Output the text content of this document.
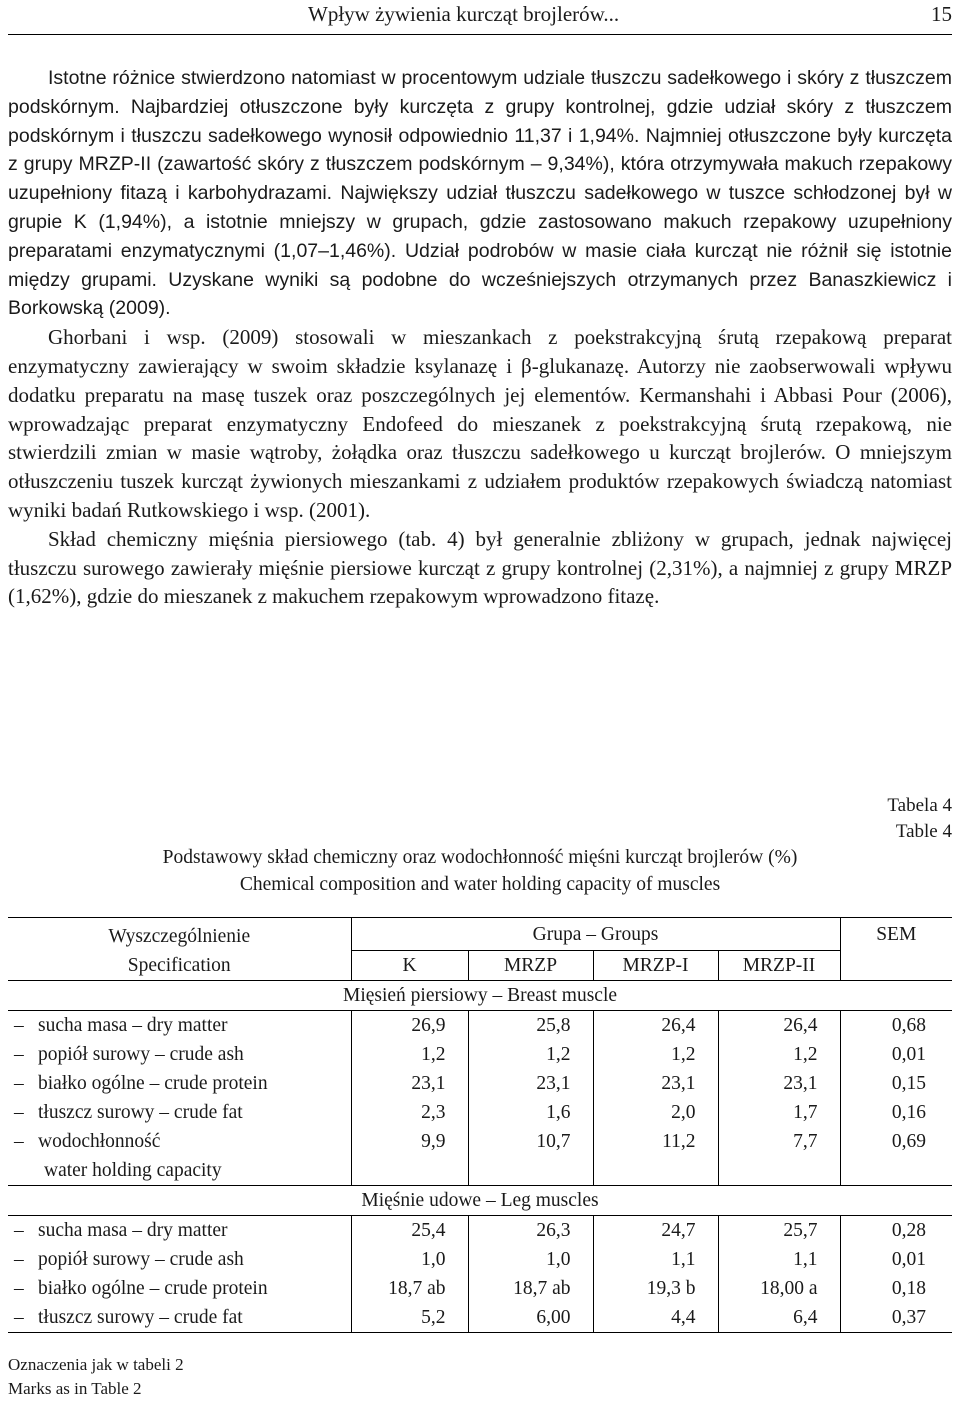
Wpływ żywienia kurcząt brojlerów...	15

Istotne różnice stwierdzono natomiast w procentowym udziale tłuszczu sadełkowego i skóry z tłuszczem podskórnym. Najbardziej otłuszczone były kurczęta z grupy kontrolnej, gdzie udział skóry z tłuszczem podskórnym i tłuszczu sadełkowego wynosił odpowiednio 11,37 i 1,94%. Najmniej otłuszczone były kurczęta z grupy MRZP-II (zawartość skóry z tłuszczem podskórnym – 9,34%), która otrzymywała makuch rzepakowy uzupełniony fitazą i karbohydrazami. Największy udział tłuszczu sadełkowego w tuszce schłodzonej był w grupie K (1,94%), a istotnie mniejszy w grupach, gdzie zastosowano makuch rzepakowy uzupełniony preparatami enzymatycznymi (1,07–1,46%). Udział podrobów w masie ciała kurcząt nie różnił się istotnie między grupami. Uzyskane wyniki są podobne do wcześniejszych otrzymanych przez Banaszkiewicz i Borkowską (2009).

Ghorbani i wsp. (2009) stosowali w mieszankach z poekstrakcyjną śrutą rzepakową preparat enzymatyczny zawierający w swoim składzie ksylanazę i β-glukanazę. Autorzy nie zaobserwowali wpływu dodatku preparatu na masę tuszek oraz poszczególnych jej elementów. Kermanshahi i Abbasi Pour (2006), wprowadzając preparat enzymatyczny Endofeed do mieszanek z poekstrakcyjną śrutą rzepakową, nie stwierdzili zmian w masie wątroby, żołądka oraz tłuszczu sadełkowego u kurcząt brojlerów. O mniejszym otłuszczeniu tuszek kurcząt żywionych mieszankami z udziałem produktów rzepakowych świadczą natomiast wyniki badań Rutkowskiego i wsp. (2001).

Skład chemiczny mięśnia piersiowego (tab. 4) był generalnie zbliżony w grupach, jednak najwięcej tłuszczu surowego zawierały mięśnie piersiowe kurcząt z grupy kontrolnej (2,31%), a najmniej z grupy MRZP (1,62%), gdzie do mieszanek z makuchem rzepakowym wprowadzono fitazę.

Tabela 4
Table 4
Podstawowy skład chemiczny oraz wodochłonność mięśni kurcząt brojlerów (%)
Chemical composition and water holding capacity of muscles
Wyszczególnienie
Specification	Grupa – Groups				SEM
	K	MRZP	MRZP-I	MRZP-II	
Mięsień piersiowy – Breast muscle					
– sucha masa – dry matter	26,9	25,8	26,4	26,4	0,68
– popiół surowy – crude ash	1,2	1,2	1,2	1,2	0,01
– białko ogólne – crude protein	23,1	23,1	23,1	23,1	0,15
– tłuszcz surowy – crude fat	2,3	1,6	2,0	1,7	0,16
– wodochłonność
water holding capacity	9,9	10,7	11,2	7,7	0,69
Mięśnie udowe – Leg muscles					
– sucha masa – dry matter	25,4	26,3	24,7	25,7	0,28
– popiół surowy – crude ash	1,0	1,0	1,1	1,1	0,01
– białko ogólne – crude protein	18,7 ab	18,7 ab	19,3 b	18,00 a	0,18
– tłuszcz surowy – crude fat	5,2	6,00	4,4	6,4	0,37
Oznaczenia jak w tabeli 2
Marks as in Table 2
